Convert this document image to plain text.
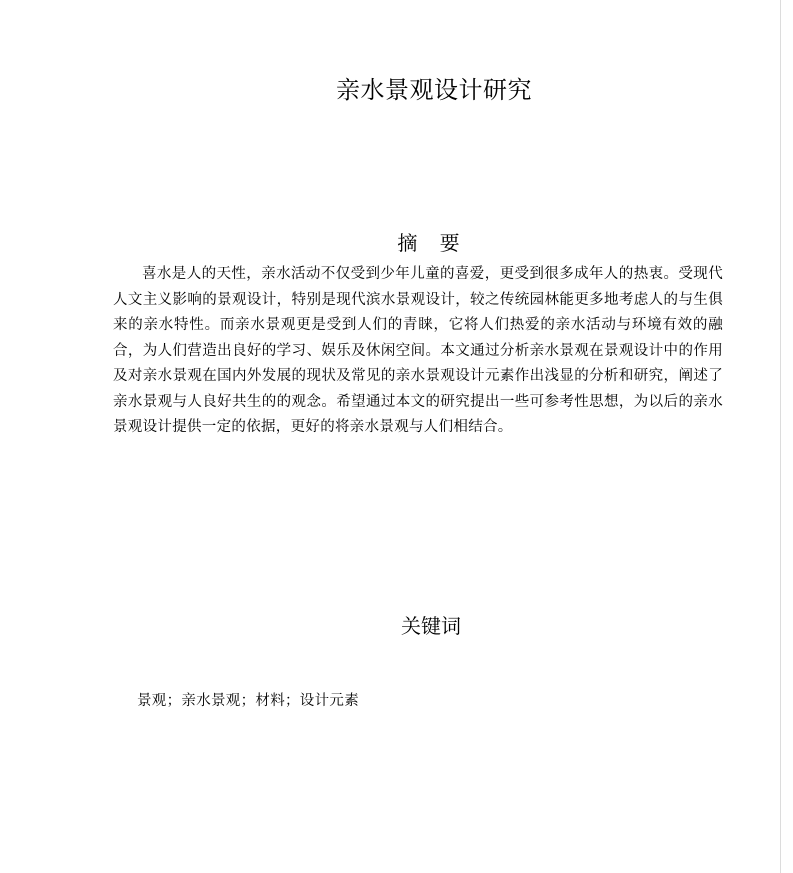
亲水景观设计研究
摘 要
喜水是人的天性，亲水活动不仅受到少年儿童的喜爱，更受到很多成年人的热衷。受现代人文主义影响的景观设计，特别是现代滨水景观设计，较之传统园林能更多地考虑人的与生俱来的亲水特性。而亲水景观更是受到人们的青睐，它将人们热爱的亲水活动与环境有效的融合，为人们营造出良好的学习、娱乐及休闲空间。本文通过分析亲水景观在景观设计中的作用及对亲水景观在国内外发展的现状及常见的亲水景观设计元素作出浅显的分析和研究，阐述了亲水景观与人良好共生的的观念。希望通过本文的研究提出一些可参考性思想，为以后的亲水景观设计提供一定的依据，更好的将亲水景观与人们相结合。
关键词
景观；亲水景观；材料；设计元素
